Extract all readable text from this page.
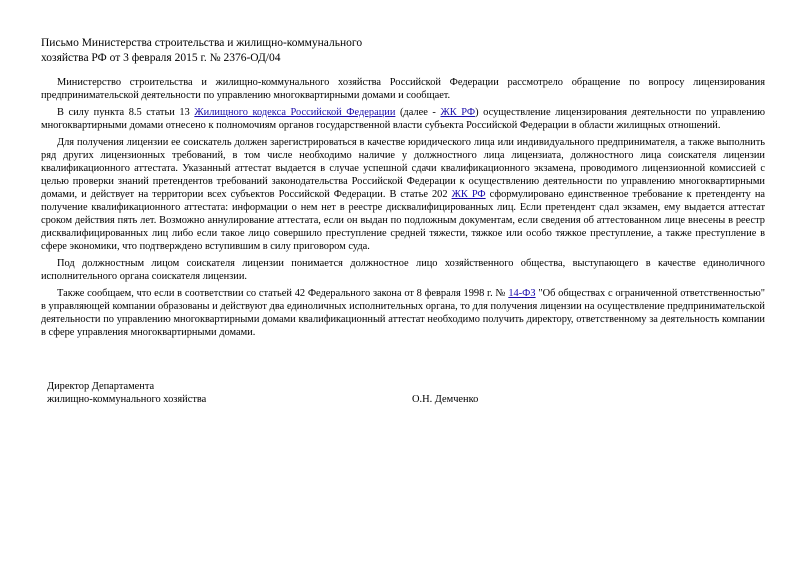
Письмо Министерства строительства и жилищно-коммунального
хозяйства РФ от 3 февраля 2015 г. № 2376-ОД/04

Министерство строительства и жилищно-коммунального хозяйства Российской Федерации рассмотрело обращение по вопросу лицензирования предпринимательской деятельности по управлению многоквартирными домами и сообщает.

В силу пункта 8.5 статьи 13 Жилищного кодекса Российской Федерации (далее - ЖК РФ) осуществление лицензирования деятельности по управлению многоквартирными домами отнесено к полномочиям органов государственной власти субъекта Российской Федерации в области жилищных отношений.

Для получения лицензии ее соискатель должен зарегистрироваться в качестве юридического лица или индивидуального предпринимателя, а также выполнить ряд других лицензионных требований, в том числе необходимо наличие у должностного лица лицензиата, должностного лица соискателя лицензии квалификационного аттестата. Указанный аттестат выдается в случае успешной сдачи квалификационного экзамена, проводимого лицензионной комиссией с целью проверки знаний претендентов требований законодательства Российской Федерации к осуществлению деятельности по управлению многоквартирными домами, и действует на территории всех субъектов Российской Федерации. В статье 202 ЖК РФ сформулировано единственное требование к претенденту на получение квалификационного аттестата: информации о нем нет в реестре дисквалифицированных лиц. Если претендент сдал экзамен, ему выдается аттестат сроком действия пять лет. Возможно аннулирование аттестата, если он выдан по подложным документам, если сведения об аттестованном лице внесены в реестр дисквалифицированных лиц либо если такое лицо совершило преступление средней тяжести, тяжкое или особо тяжкое преступление, а также преступление в сфере экономики, что подтверждено вступившим в силу приговором суда.

Под должностным лицом соискателя лицензии понимается должностное лицо хозяйственного общества, выступающего в качестве единоличного исполнительного органа соискателя лицензии.

Также сообщаем, что если в соответствии со статьей 42 Федерального закона от 8 февраля 1998 г. № 14-ФЗ "Об обществах с ограниченной ответственностью" в управляющей компании образованы и действуют два единоличных исполнительных органа, то для получения лицензии на осуществление предпринимательской деятельности по управлению многоквартирными домами квалификационный аттестат необходимо получить директору, ответственному за деятельность компании в сфере управления многоквартирными домами.

Директор Департамента
жилищно-коммунального хозяйства	О.Н. Демченко
